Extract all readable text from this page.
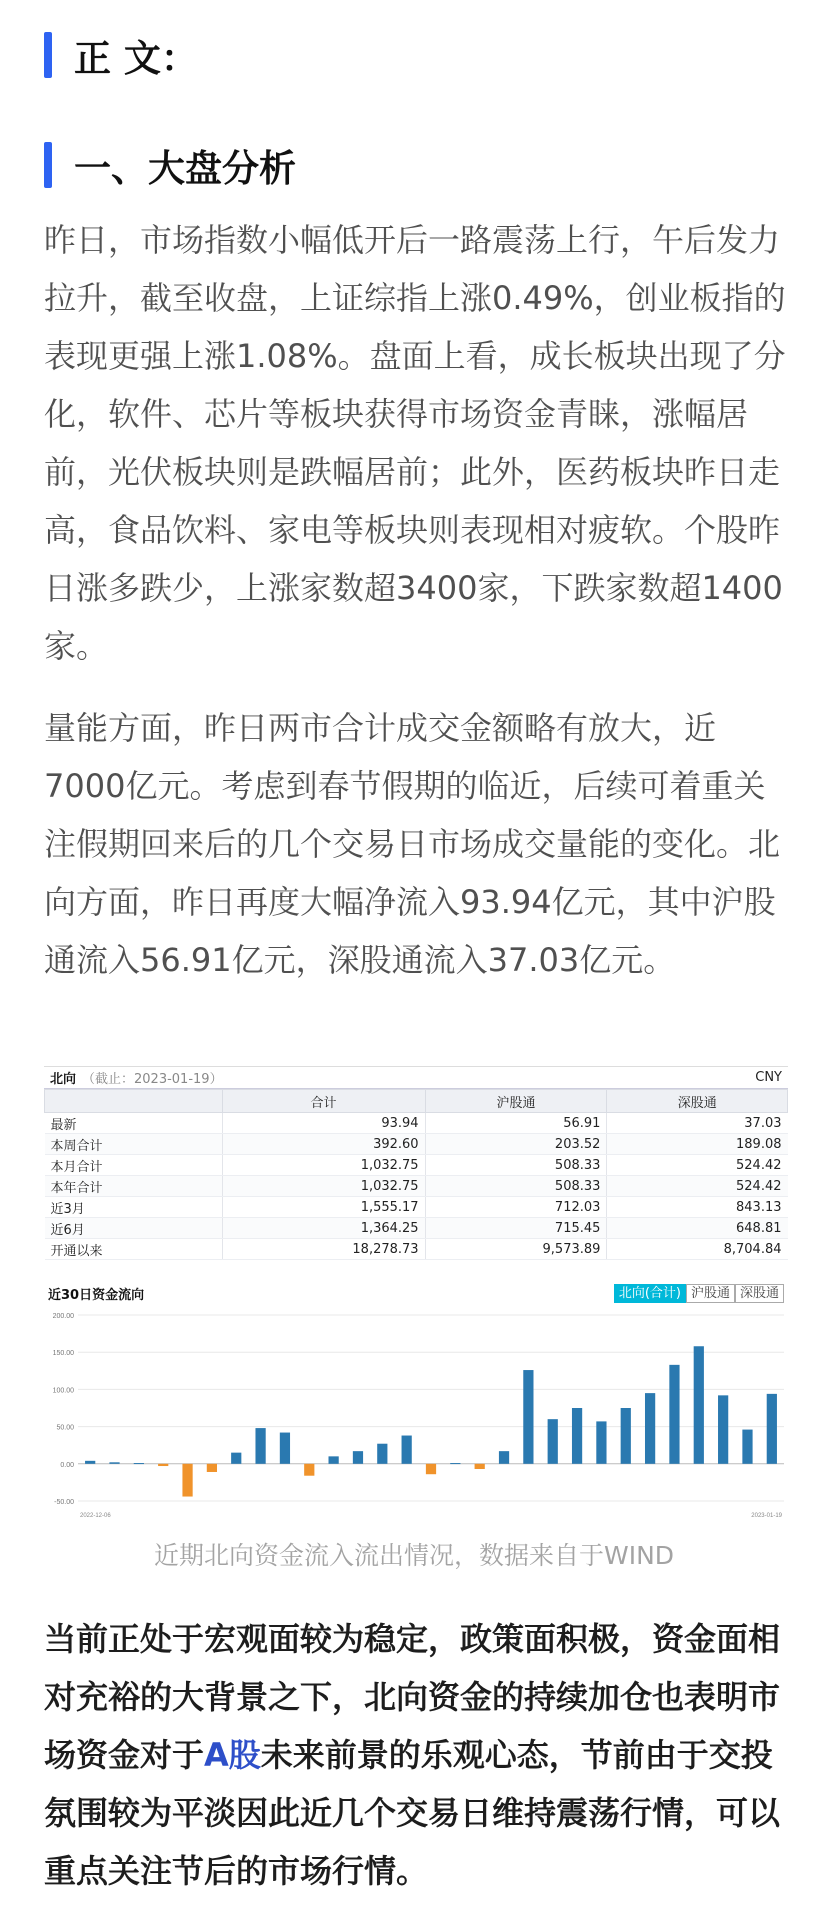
正 文：
一、大盘分析
昨日，市场指数小幅低开后一路震荡上行，午后发力拉升，截至收盘，上证综指上涨0.49%，创业板指的表现更强上涨1.08%。盘面上看，成长板块出现了分化，软件、芯片等板块获得市场资金青睐，涨幅居前，光伏板块则是跌幅居前；此外，医药板块昨日走高，食品饮料、家电等板块则表现相对疲软。个股昨日涨多跌少，上涨家数超3400家，下跌家数超1400家。
量能方面，昨日两市合计成交金额略有放大，近7000亿元。考虑到春节假期的临近，后续可着重关注假期回来后的几个交易日市场成交量能的变化。北向方面，昨日再度大幅净流入93.94亿元，其中沪股通流入56.91亿元，深股通流入37.03亿元。
北向 （截止：2023-01-19）	CNY
	合计	沪股通	深股通
最新	93.94	56.91	37.03
本周合计	392.60	203.52	189.08
本月合计	1,032.75	508.33	524.42
本年合计	1,032.75	508.33	524.42
近3月	1,555.17	712.03	843.13
近6月	1,364.25	715.45	648.81
开通以来	18,278.73	9,573.89	8,704.84
近30日资金流向	北向(合计) 沪股通 深股通
-50.00
0.00
50.00
100.00
150.00
200.00
2022-12-06	2023-01-19
近期北向资金流入流出情况，数据来自于WIND
当前正处于宏观面较为稳定，政策面积极，资金面相对充裕的大背景之下，北向资金的持续加仓也表明市场资金对于A股未来前景的乐观心态，节前由于交投氛围较为平淡因此近几个交易日维持震荡行情，可以重点关注节后的市场行情。
